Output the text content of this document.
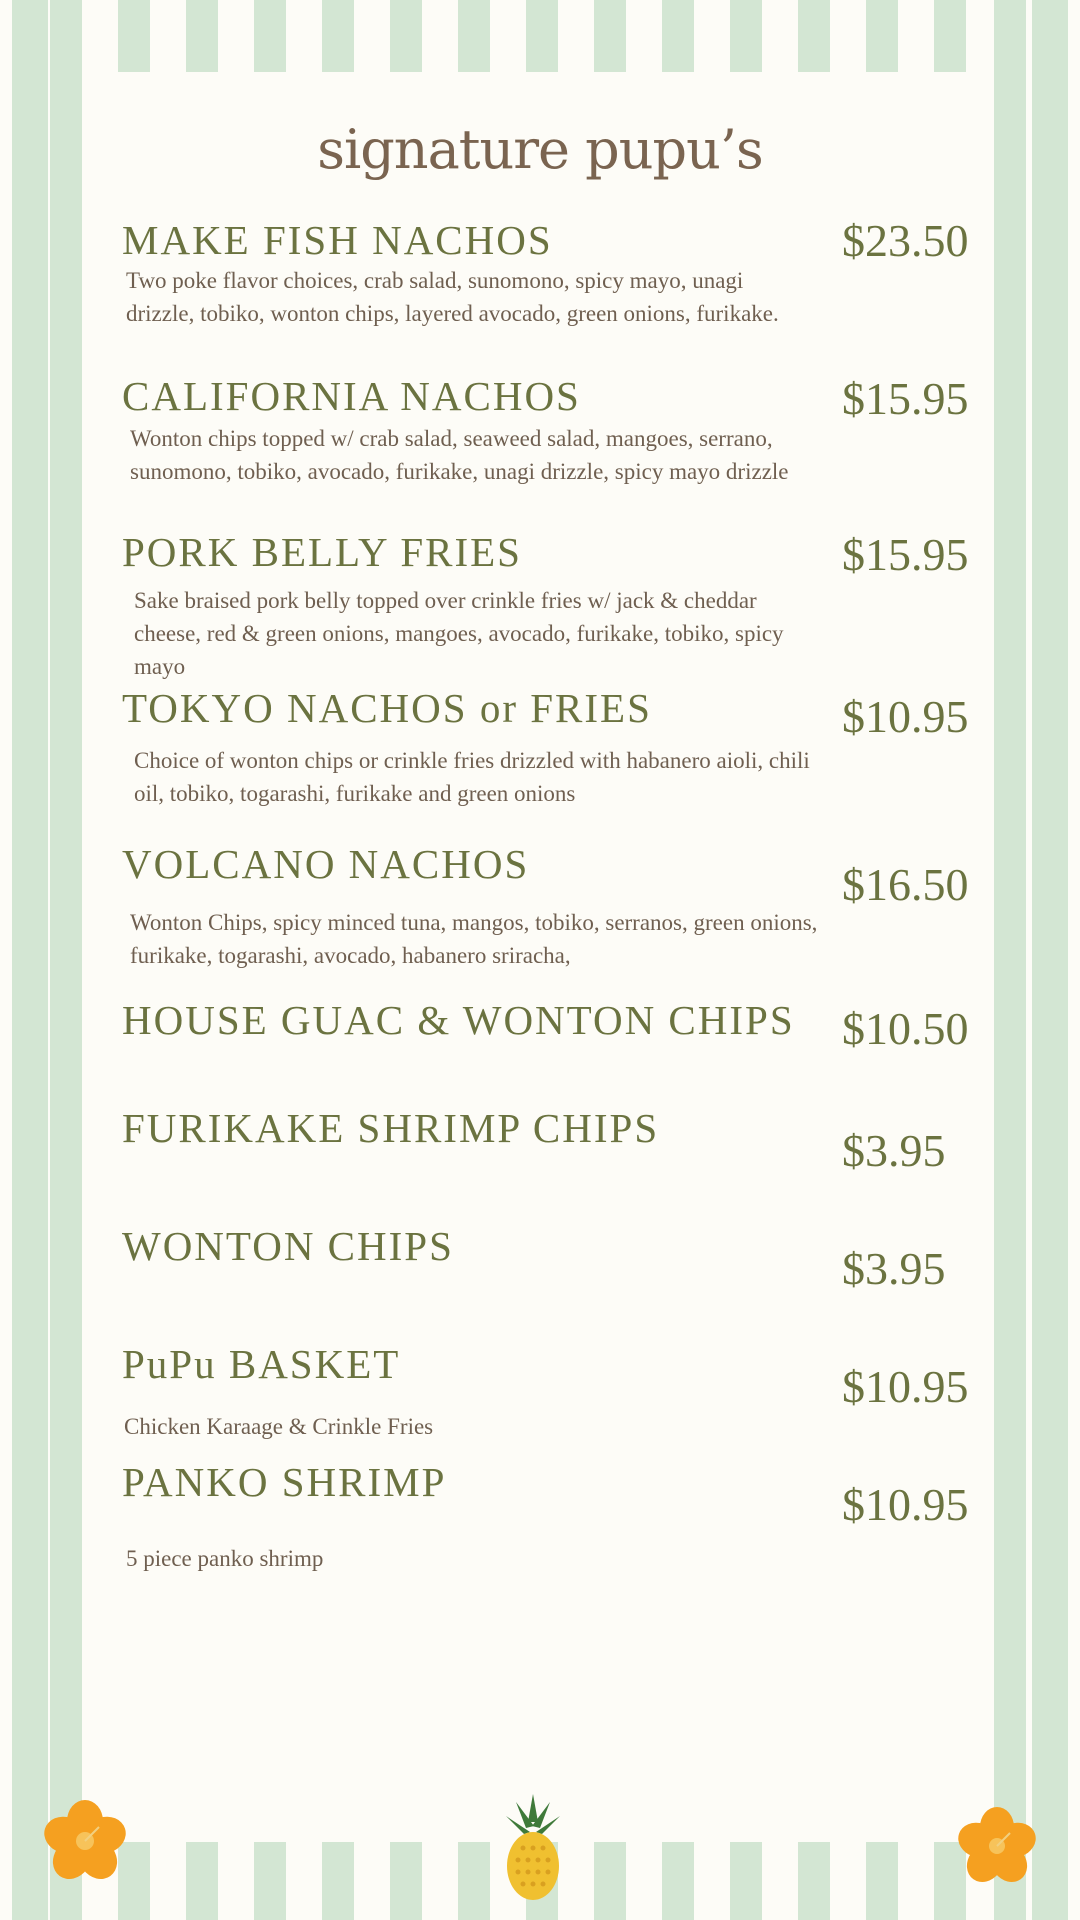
signature pupu’s
MAKE FISH NACHOS	$23.50
Two poke flavor choices, crab salad, sunomono, spicy mayo, unagi drizzle, tobiko, wonton chips, layered avocado, green onions, furikake.
CALIFORNIA NACHOS	$15.95
Wonton chips topped w/ crab salad, seaweed salad, mangoes, serrano, sunomono, tobiko, avocado, furikake, unagi drizzle, spicy mayo drizzle
PORK BELLY FRIES	$15.95
Sake braised pork belly topped over crinkle fries w/ jack & cheddar cheese, red & green onions, mangoes, avocado, furikake, tobiko, spicy mayo
TOKYO NACHOS or FRIES	$10.95
Choice of wonton chips or crinkle fries drizzled with habanero aioli, chili oil, tobiko, togarashi, furikake and green onions
VOLCANO NACHOS	$16.50
Wonton Chips, spicy minced tuna, mangos, tobiko, serranos, green onions, furikake, togarashi, avocado, habanero sriracha,
HOUSE GUAC & WONTON CHIPS $10.50
FURIKAKE SHRIMP CHIPS	$3.95
WONTON CHIPS	$3.95
PuPu BASKET	$10.95
Chicken Karaage & Crinkle Fries
PANKO SHRIMP	$10.95
5 piece panko shrimp
